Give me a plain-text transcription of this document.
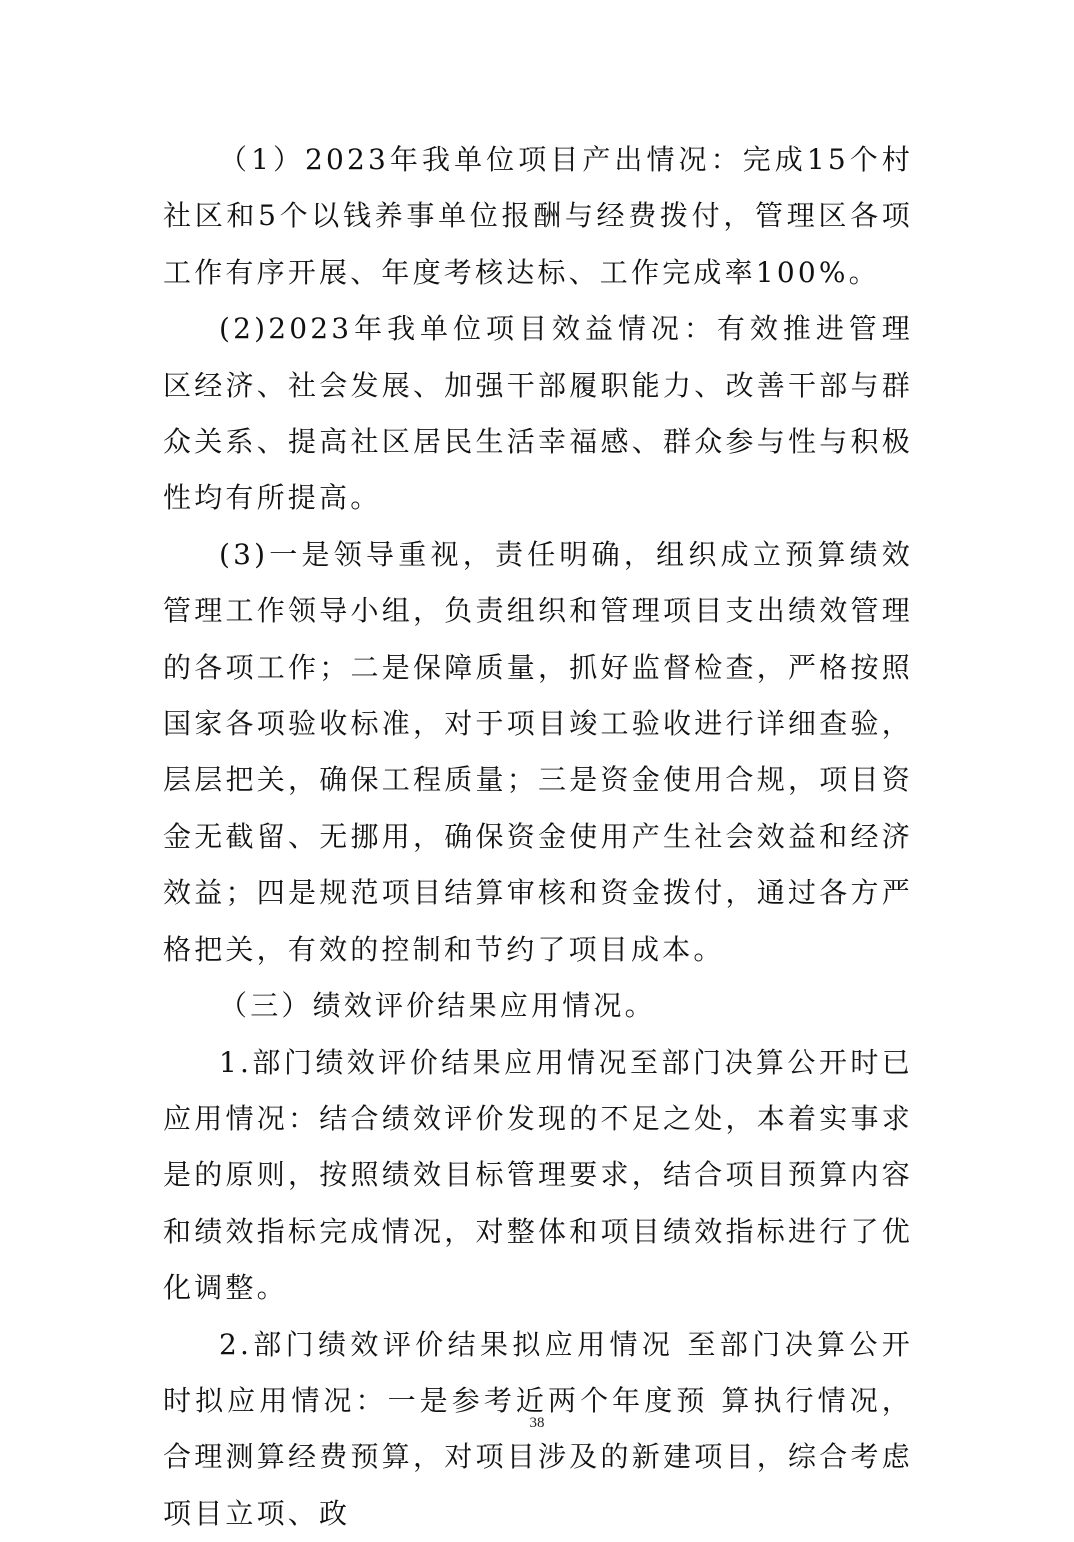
（1）2023年我单位项目产出情况：完成15个村社区和5个以钱养事单位报酬与经费拨付，管理区各项工作有序开展、年度考核达标、工作完成率100%。

(2)2023年我单位项目效益情况：有效推进管理区经济、社会发展、加强干部履职能力、改善干部与群众关系、提高社区居民生活幸福感、群众参与性与积极性均有所提高。

(3)一是领导重视，责任明确，组织成立预算绩效管理工作领导小组，负责组织和管理项目支出绩效管理的各项工作；二是保障质量，抓好监督检查，严格按照国家各项验收标准，对于项目竣工验收进行详细查验，层层把关，确保工程质量；三是资金使用合规，项目资金无截留、无挪用，确保资金使用产生社会效益和经济效益；四是规范项目结算审核和资金拨付，通过各方严格把关，有效的控制和节约了项目成本。

（三）绩效评价结果应用情况。

1.部门绩效评价结果应用情况至部门决算公开时已应用情况：结合绩效评价发现的不足之处，本着实事求是的原则，按照绩效目标管理要求，结合项目预算内容和绩效指标完成情况，对整体和项目绩效指标进行了优化调整。

2.部门绩效评价结果拟应用情况 至部门决算公开时拟应用情况：一是参考近两个年度预 算执行情况，合理测算经费预算，对项目涉及的新建项目，综合考虑项目立项、政

38
